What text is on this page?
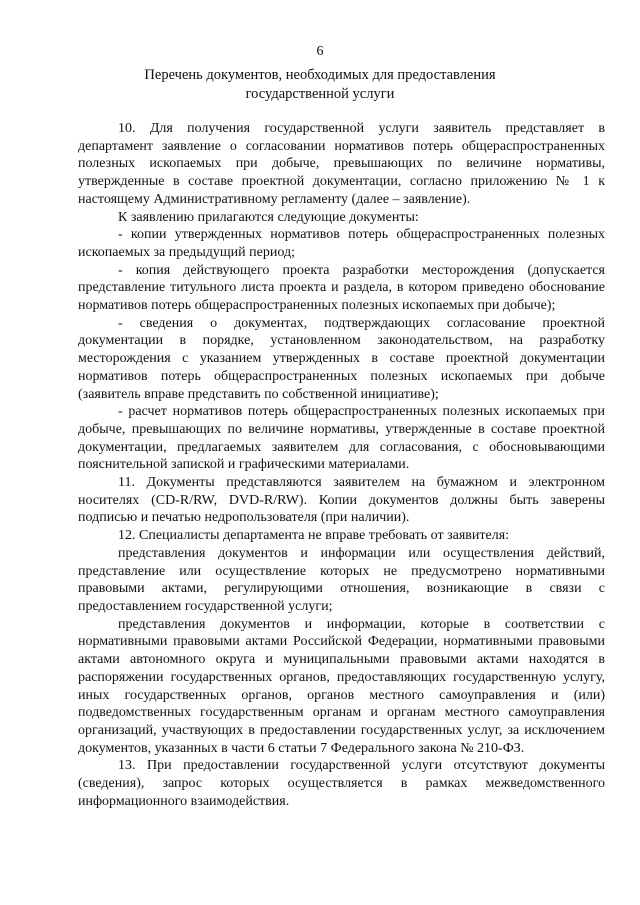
6
Перечень документов, необходимых для предоставления
государственной услуги

10. Для получения государственной услуги заявитель представляет в департамент заявление о согласовании нормативов потерь общераспространенных полезных ископаемых при добыче, превышающих по величине нормативы, утвержденные в составе проектной документации, согласно приложению № 1 к настоящему Административному регламенту (далее – заявление).

К заявлению прилагаются следующие документы:

- копии утвержденных нормативов потерь общераспространенных полезных ископаемых за предыдущий период;

- копия действующего проекта разработки месторождения (допускается представление титульного листа проекта и раздела, в котором приведено обоснование нормативов потерь общераспространенных полезных ископаемых при добыче);

- сведения о документах, подтверждающих согласование проектной документации в порядке, установленном законодательством, на разработку месторождения с указанием утвержденных в составе проектной документации нормативов потерь общераспространенных полезных ископаемых при добыче (заявитель вправе представить по собственной инициативе);

- расчет нормативов потерь общераспространенных полезных ископаемых при добыче, превышающих по величине нормативы, утвержденные в составе проектной документации, предлагаемых заявителем для согласования, с обосновывающими пояснительной запиской и графическими материалами.

11. Документы представляются заявителем на бумажном и электронном носителях (CD-R/RW, DVD-R/RW). Копии документов должны быть заверены подписью и печатью недропользователя (при наличии).

12. Специалисты департамента не вправе требовать от заявителя:

представления документов и информации или осуществления действий, представление или осуществление которых не предусмотрено нормативными правовыми актами, регулирующими отношения, возникающие в связи с предоставлением государственной услуги;

представления документов и информации, которые в соответствии с нормативными правовыми актами Российской Федерации, нормативными правовыми актами автономного округа и муниципальными правовыми актами находятся в распоряжении государственных органов, предоставляющих государственную услугу, иных государственных органов, органов местного самоуправления и (или) подведомственных государственным органам и органам местного самоуправления организаций, участвующих в предоставлении государственных услуг, за исключением документов, указанных в части 6 статьи 7 Федерального закона № 210-ФЗ.

13. При предоставлении государственной услуги отсутствуют документы (сведения), запрос которых осуществляется в рамках межведомственного информационного взаимодействия.
